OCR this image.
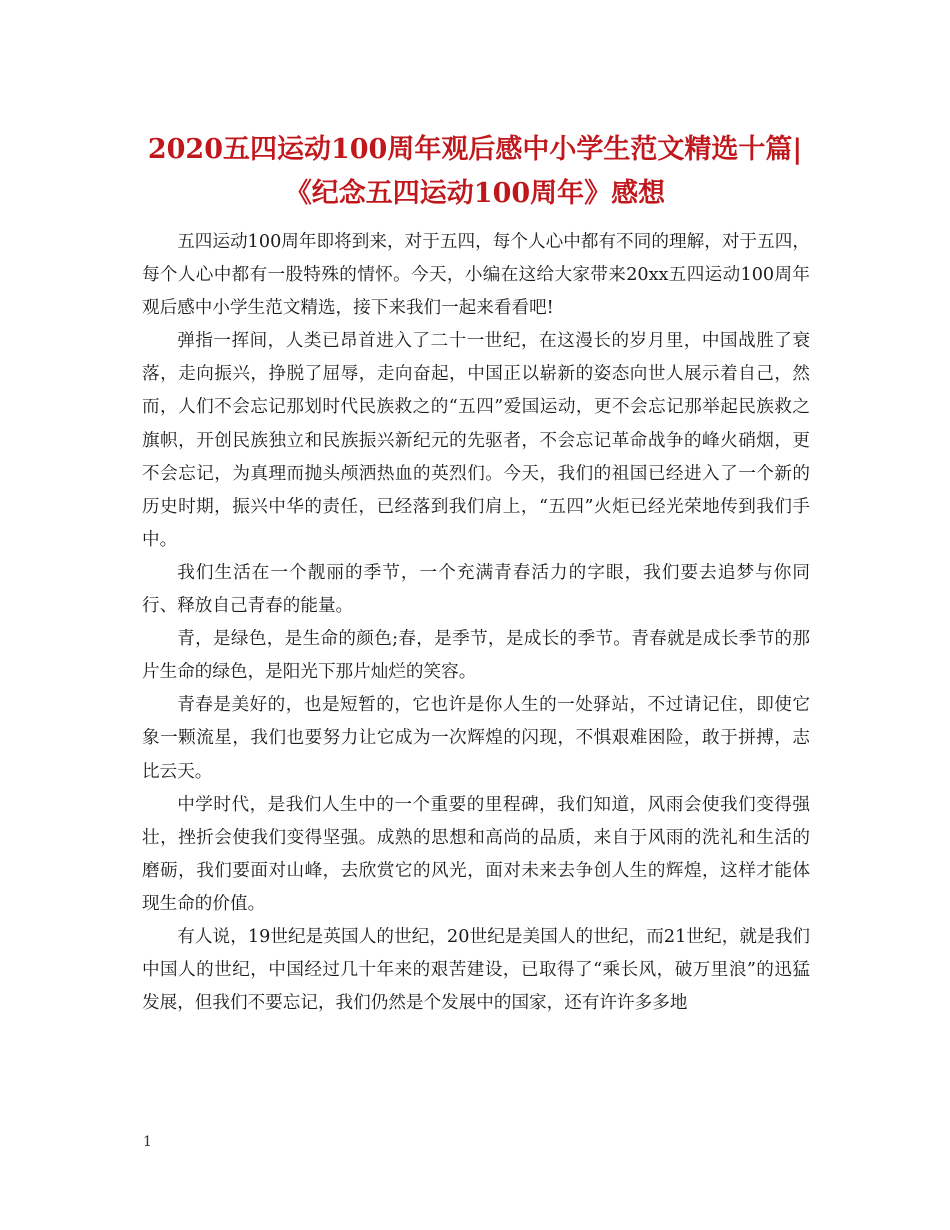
2020五四运动100周年观后感中小学生范文精选十篇|
《纪念五四运动100周年》感想

五四运动100周年即将到来，对于五四，每个人心中都有不同的理解，对于五四，每个人心中都有一股特殊的情怀。今天，小编在这给大家带来20xx五四运动100周年观后感中小学生范文精选，接下来我们一起来看看吧!

弹指一挥间，人类已昂首进入了二十一世纪，在这漫长的岁月里，中国战胜了衰落，走向振兴，挣脱了屈辱，走向奋起，中国正以崭新的姿态向世人展示着自己，然而，人们不会忘记那划时代民族救之的“五四”爱国运动，更不会忘记那举起民族救之旗帜，开创民族独立和民族振兴新纪元的先驱者，不会忘记革命战争的峰火硝烟，更不会忘记，为真理而抛头颅洒热血的英烈们。今天，我们的祖国已经进入了一个新的历史时期，振兴中华的责任，已经落到我们肩上，“五四”火炬已经光荣地传到我们手中。

我们生活在一个靓丽的季节，一个充满青春活力的字眼，我们要去追梦与你同行、释放自己青春的能量。

青，是绿色，是生命的颜色;春，是季节，是成长的季节。青春就是成长季节的那片生命的绿色，是阳光下那片灿烂的笑容。

青春是美好的，也是短暂的，它也许是你人生的一处驿站，不过请记住，即使它象一颗流星，我们也要努力让它成为一次辉煌的闪现，不惧艰难困险，敢于拼搏，志比云天。

中学时代，是我们人生中的一个重要的里程碑，我们知道，风雨会使我们变得强壮，挫折会使我们变得坚强。成熟的思想和高尚的品质，来自于风雨的洗礼和生活的磨砺，我们要面对山峰，去欣赏它的风光，面对未来去争创人生的辉煌，这样才能体现生命的价值。

有人说，19世纪是英国人的世纪，20世纪是美国人的世纪，而21世纪，就是我们中国人的世纪，中国经过几十年来的艰苦建设，已取得了“乘长风，破万里浪”的迅猛发展，但我们不要忘记，我们仍然是个发展中的国家，还有许许多多地

1
